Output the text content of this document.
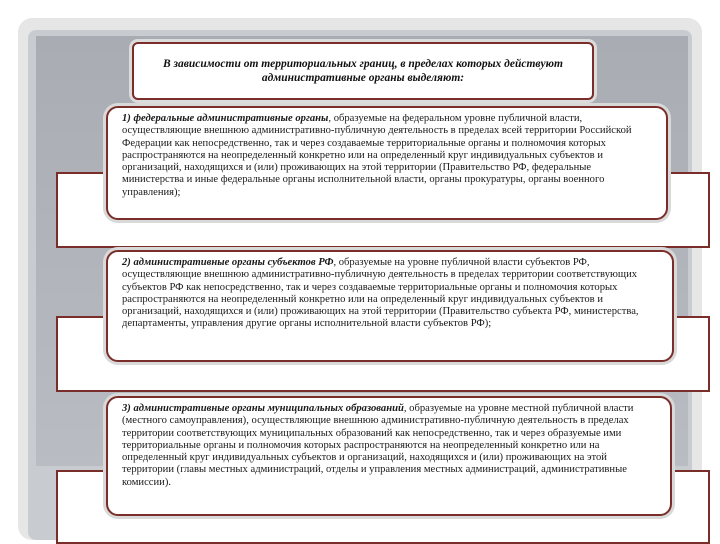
В зависимости от территориальных границ, в пределах которых действуют административные органы выделяют:
1) федеральные административные органы, образуемые на федеральном уровне публичной власти, осуществляющие внешнюю административно-публичную деятельность в пределах всей территории Российской Федерации как непосредственно, так и через создаваемые территориальные органы и полномочия которых распространяются на неопределенный конкретно или на определенный круг индивидуальных субъектов и организаций, находящихся и (или) проживающих на этой территории (Правительство РФ, федеральные министерства и иные федеральные органы исполнительной власти, органы прокуратуры, органы военного управления);
2) административные органы субъектов РФ, образуемые на уровне публичной власти субъектов РФ, осуществляющие внешнюю административно-публичную деятельность в пределах территории соответствующих субъектов РФ как непосредственно, так и через создаваемые территориальные органы и полномочия которых распространяются на неопределенный конкретно или на определенный круг индивидуальных субъектов и организаций, находящихся и (или) проживающих на этой территории (Правительство субъекта РФ, министерства, департаменты, управления другие органы исполнительной власти субъектов РФ);
3) административные органы муниципальных образований, образуемые на уровне местной публичной власти (местного самоуправления), осуществляющие внешнюю административно-публичную деятельность в пределах территории соответствующих муниципальных образований как непосредственно, так и через образуемые ими территориальные органы и полномочия которых распространяются на неопределенный конкретно или на определенный круг индивидуальных субъектов и организаций, находящихся и (или) проживающих на этой территории (главы местных администраций, отделы и управления местных администраций, административные комиссии).
